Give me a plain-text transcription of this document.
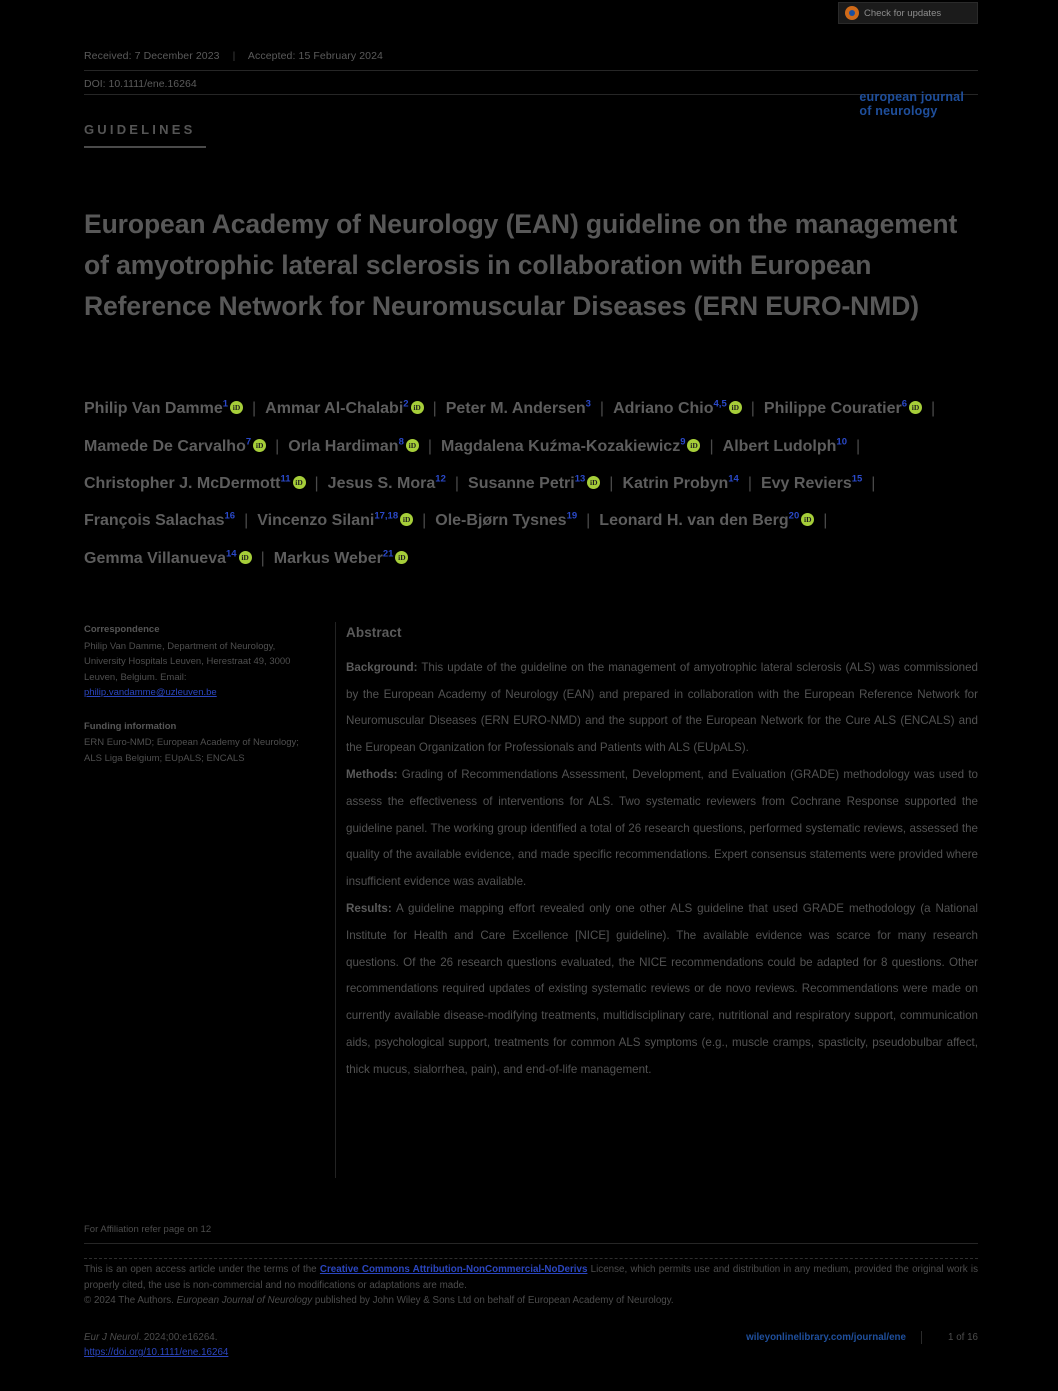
Check for updates
Received: 7 December 2023 | Accepted: 15 February 2024
DOI: 10.1111/ene.16264
european journal
of neurology
GUIDELINES
European Academy of Neurology (EAN) guideline on the management of amyotrophic lateral sclerosis in collaboration with European Reference Network for Neuromuscular Diseases (ERN EURO-NMD)
Philip Van Damme$^1$ iD | Ammar Al-Chalabi$^2$ iD | Peter M. Andersen$^3$ | Adriano Chio$^{4,5}$ iD | Philippe Couratier$^6$ iD |Mamede De Carvalho$^7$ iD | Orla Hardiman$^8$ iD | Magdalena Kuźma-Kozakiewicz$^9$ iD | Albert Ludolph$^{10}$ |Christopher J. McDermott$^{11}$ iD | Jesus S. Mora$^{12}$ | Susanne Petri$^{13}$ iD | Katrin Probyn$^{14}$ | Evy Reviers$^{15}$ |François Salachas$^{16}$ | Vincenzo Silani$^{17,18}$ iD | Ole-Bjørn Tysnes$^{19}$ | Leonard H. van den Berg$^{20}$ iD |Gemma Villanueva$^{14}$ iD | Markus Weber$^{21}$iD
Correspondence
Philip Van Damme, Department of Neurology, University Hospitals Leuven, Herestraat 49, 3000 Leuven, Belgium. Email: philip.vandamme@uzleuven.be
Funding information
ERN Euro-NMD; European Academy of Neurology; ALS Liga Belgium; EUpALS; ENCALS
Abstract

Background: This update of the guideline on the management of amyotrophic lateral sclerosis (ALS) was commissioned by the European Academy of Neurology (EAN) and prepared in collaboration with the European Reference Network for Neuromuscular Diseases (ERN EURO-NMD) and the support of the European Network for the Cure ALS (ENCALS) and the European Organization for Professionals and Patients with ALS (EUpALS).

Methods: Grading of Recommendations Assessment, Development, and Evaluation (GRADE) methodology was used to assess the effectiveness of interventions for ALS. Two systematic reviewers from Cochrane Response supported the guideline panel. The working group identified a total of 26 research questions, performed systematic reviews, assessed the quality of the available evidence, and made specific recommendations. Expert consensus statements were provided where insufficient evidence was available.

Results: A guideline mapping effort revealed only one other ALS guideline that used GRADE methodology (a National Institute for Health and Care Excellence [NICE] guideline). The available evidence was scarce for many research questions. Of the 26 research questions evaluated, the NICE recommendations could be adapted for 8 questions. Other recommendations required updates of existing systematic reviews or de novo reviews. Recommendations were made on currently available disease-modifying treatments, multidisciplinary care, nutritional and respiratory support, communication aids, psychological support, treatments for common ALS symptoms (e.g., muscle cramps, spasticity, pseudobulbar affect, thick mucus, sialorrhea, pain), and end-of-life management.

For Affiliation refer page on 12
This is an open access article under the terms of the Creative Commons Attribution-NonCommercial-NoDerivs License, which permits use and distribution in any medium, provided the original work is properly cited, the use is non-commercial and no modifications or adaptations are made.
© 2024 The Authors. European Journal of Neurology published by John Wiley & Sons Ltd on behalf of European Academy of Neurology.
Eur J Neurol. 2024;00:e16264.
https://doi.org/10.1111/ene.16264
wileyonlinelibrary.com/journal/ene	1 of 16
